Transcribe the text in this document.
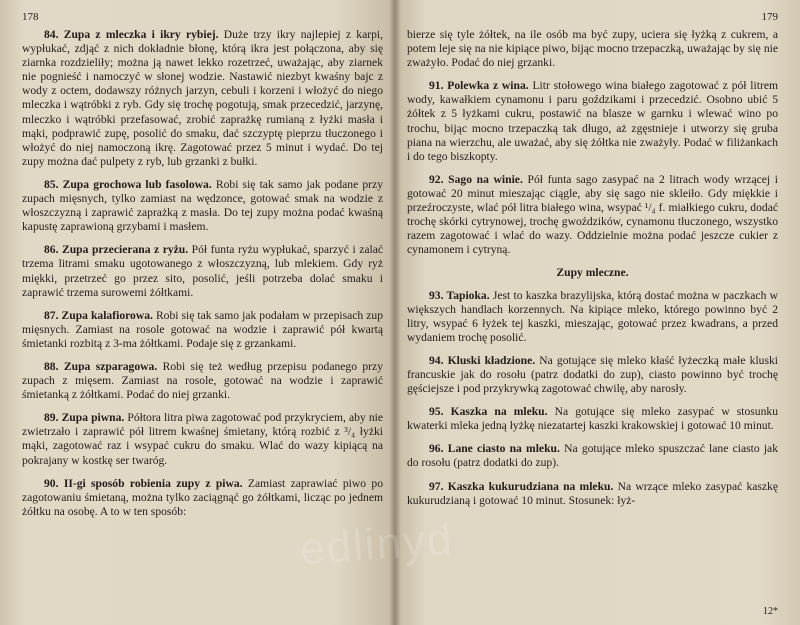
178

84. Zupa z mleczka i ikry rybiej. Duże trzy ikry najlepiej z karpi, wypłukać, zdjąć z nich dokładnie błonę, którą ikra jest połączona, aby się ziarnka rozdzieliły; można ją nawet lekko rozetrzeć, uważając, aby ziarnek nie pognieść i namoczyć w słonej wodzie. Nastawić niezbyt kwaśny bajc z wody z octem, dodawszy różnych jarzyn, cebuli i korzeni i włożyć do niego mleczka i wątróbki z ryb. Gdy się trochę pogotują, smak przecedzić, jarzynę, mleczko i wątróbki przefasować, zrobić zaprażkę rumianą z łyżki masła i mąki, podprawić zupę, posolić do smaku, dać szczyptę pieprzu tłuczonego i włożyć do niej namoczoną ikrę. Zagotować przez 5 minut i wydać. Do tej zupy można dać pulpety z ryb, lub grzanki z bułki.

85. Zupa grochowa lub fasolowa. Robi się tak samo jak podane przy zupach mięsnych, tylko zamiast na wędzonce, gotować smak na wodzie z włoszczyzną i zaprawić zaprażką z masła. Do tej zupy można podać kwaśną kapustę zaprawioną grzybami i masłem.

86. Zupa przecierana z ryżu. Pół funta ryżu wypłukać, sparzyć i zalać trzema litrami smaku ugotowanego z włoszczyzną, lub mlekiem. Gdy ryż miękki, przetrzeć go przez sito, posolić, jeśli potrzeba dolać smaku i zaprawić trzema surowemi żółtkami.

87. Zupa kalafiorowa. Robi się tak samo jak podałam w przepisach zup mięsnych. Zamiast na rosole gotować na wodzie i zaprawić pół kwartą śmietanki rozbitą z 3-ma żółtkami. Podaje się z grzankami.

88. Zupa szparagowa. Robi się też według przepisu podanego przy zupach z mięsem. Zamiast na rosole, gotować na wodzie i zaprawić śmietanką z żółtkami. Podać do niej grzanki.

89. Zupa piwna. Półtora litra piwa zagotować pod przykryciem, aby nie zwietrzało i zaprawić pół litrem kwaśnej śmietany, którą rozbić z ³/₄ łyżki mąki, zagotować raz i wsypać cukru do smaku. Wlać do wazy kipiącą na pokrajany w kostkę ser twaróg.

90. II-gi sposób robienia zupy z piwa. Zamiast zaprawiać piwo po zagotowaniu śmietaną, można tylko zaciągnąć go żółtkami, licząc po jednem żółtku na osobę. A to w ten sposób:

179

bierze się tyle żółtek, na ile osób ma być zupy, uciera się łyżką z cukrem, a potem leje się na nie kipiące piwo, bijąc mocno trzepaczką, uważając by się nie zważyło. Podać do niej grzanki.

91. Polewka z wina. Litr stołowego wina białego zagotować z pół litrem wody, kawałkiem cynamonu i paru goździkami i przecedzić. Osobno ubić 5 żółtek z 5 łyżkami cukru, postawić na blasze w garnku i wlewać wino po trochu, bijąc mocno trzepaczką tak długo, aż zgęstnieje i utworzy się gruba piana na wierzchu, ale uważać, aby się żółtka nie zważyły. Podać w filiżankach i do tego biszkopty.

92. Sago na winie. Pół funta sago zasypać na 2 litrach wody wrzącej i gotować 20 minut mieszając ciągle, aby się sago nie skleiło. Gdy miękkie i przeźroczyste, wlać pół litra białego wina, wsypać ¹/₄ f. miałkiego cukru, dodać trochę skórki cytrynowej, trochę gwoździków, cynamonu tłuczonego, wszystko razem zagotować i wlać do wazy. Oddzielnie można podać jeszcze cukier z cynamonem i cytryną.

Zupy mleczne.

93. Tapioka. Jest to kaszka brazylijska, którą dostać można w paczkach w większych handlach korzennych. Na kipiące mleko, którego powinno być 2 litry, wsypać 6 łyżek tej kaszki, mieszając, gotować przez kwadrans, a przed wydaniem trochę posolić.

94. Kluski kładzione. Na gotujące się mleko kłaść łyżeczką małe kluski francuskie jak do rosołu (patrz dodatki do zup), ciasto powinno być trochę gęściejsze i pod przykrywką zagotować chwilę, aby narosły.

95. Kaszka na mleku. Na gotujące się mleko zasypać w stosunku kwaterki mleka jedną łyżkę niezatartej kaszki krakowskiej i gotować 10 minut.

96. Lane ciasto na mleku. Na gotujące mleko spuszczać lane ciasto jak do rosołu (patrz dodatki do zup).

97. Kaszka kukurudziana na mleku. Na wrzące mleko zasypać kaszkę kukurudzianą i gotować 10 minut. Stosunek: łyż-

12*
